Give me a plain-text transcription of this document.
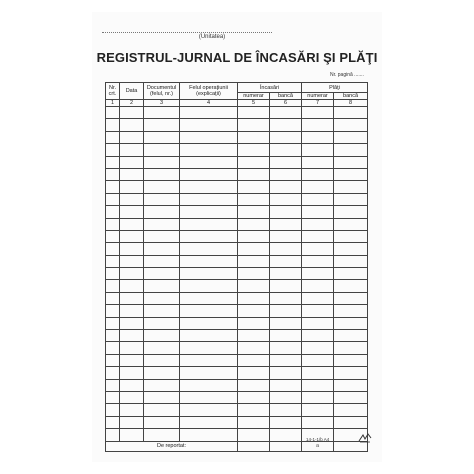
(Unitatea)
REGISTRUL-JURNAL DE ÎNCASĂRI ŞI PLĂŢI
Nr. pagină .......
Nr. crt.	Data	Documentul (felul, nr.)	Felul operaţiunii (explicaţii)	Încasări		Plăţi	
				numerar	bancă	numerar	bancă
1	2	3	4	5	6	7	8

De reportat:						a	
14-1-1/b A4
